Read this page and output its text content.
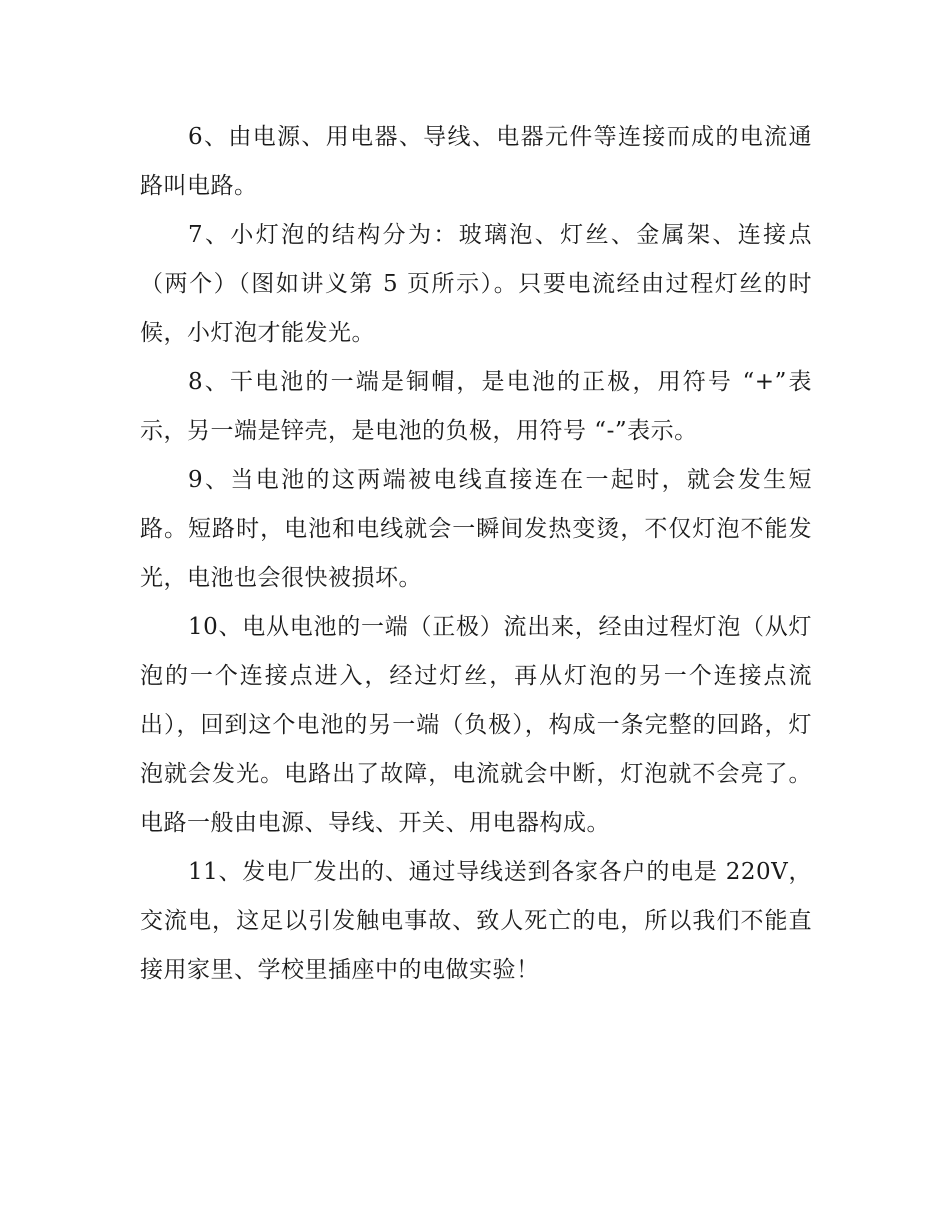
6、由电源、用电器、导线、电器元件等连接而成的电流通路叫电路。

7、小灯泡的结构分为：玻璃泡、灯丝、金属架、连接点（两个）（图如讲义第 5 页所示）。只要电流经由过程灯丝的时候，小灯泡才能发光。

8、干电池的一端是铜帽，是电池的正极，用符号 “+”表示，另一端是锌壳，是电池的负极，用符号 “-”表示。

9、当电池的这两端被电线直接连在一起时，就会发生短路。短路时，电池和电线就会一瞬间发热变烫，不仅灯泡不能发光，电池也会很快被损坏。

10、电从电池的一端（正极）流出来，经由过程灯泡（从灯泡的一个连接点进入，经过灯丝，再从灯泡的另一个连接点流出），回到这个电池的另一端（负极），构成一条完整的回路，灯泡就会发光。电路出了故障，电流就会中断，灯泡就不会亮了。电路一般由电源、导线、开关、用电器构成。

11、发电厂发出的、通过导线送到各家各户的电是 220V，交流电，这足以引发触电事故、致人死亡的电，所以我们不能直接用家里、学校里插座中的电做实验！
